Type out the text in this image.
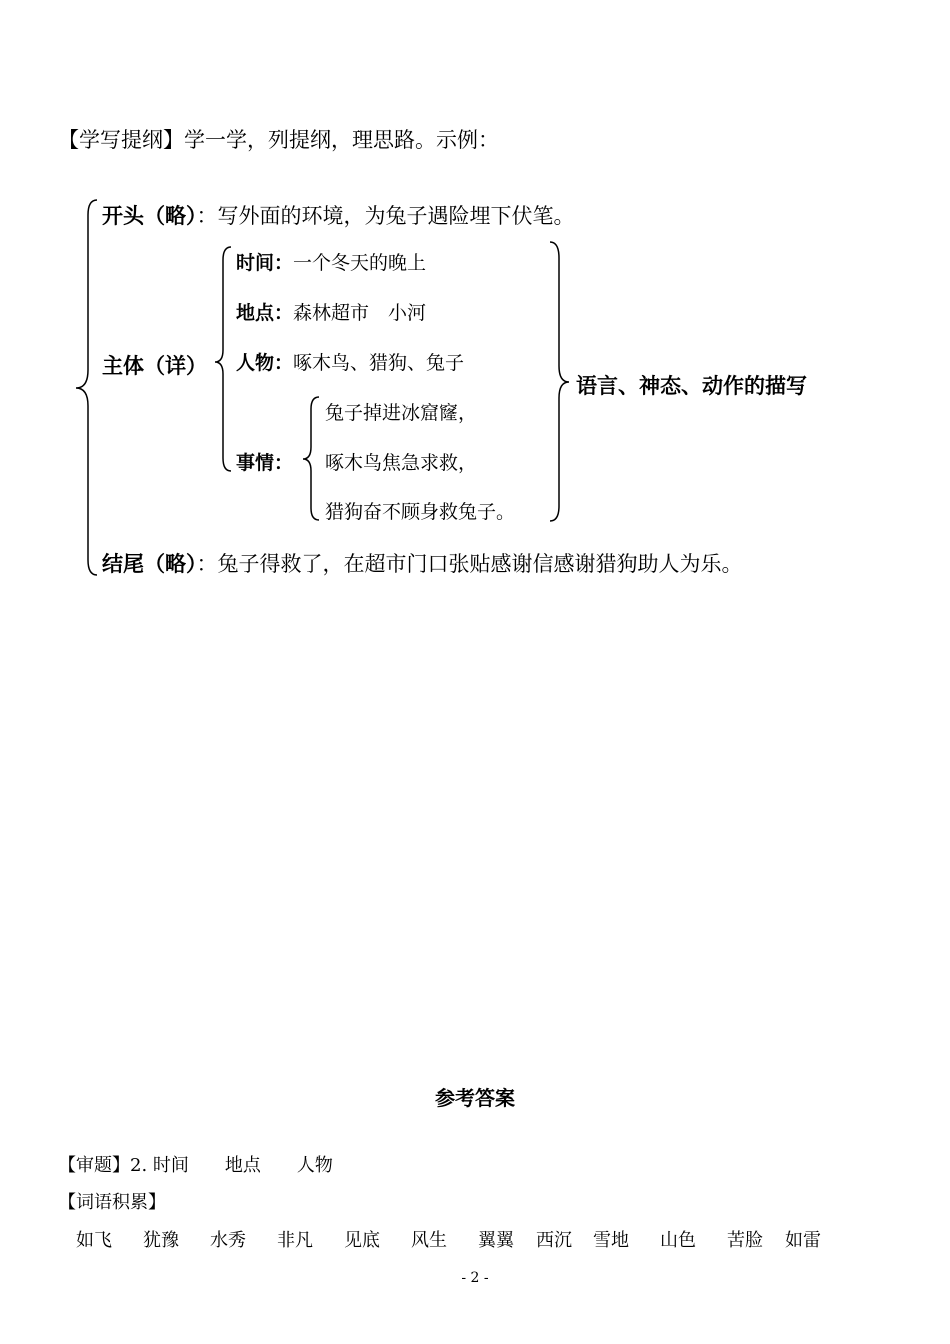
【学写提纲】学一学，列提纲，理思路。示例：
开头（略）：写外面的环境，为兔子遇险埋下伏笔。
主体（详）
时间：一个冬天的晚上
地点：森林超市　小河
人物：啄木鸟、猎狗、兔子
事情：
兔子掉进冰窟窿，
啄木鸟焦急求救，
猎狗奋不顾身救兔子。
语言、神态、动作的描写
结尾（略）：兔子得救了，在超市门口张贴感谢信感谢猎狗助人为乐。
参考答案
【审题】2. 时间　　地点　　人物
【词语积累】
如飞 犹豫 水秀 非凡 见底 风生 翼翼 西沉 雪地 山色 苦脸 如雷
- 2 -
